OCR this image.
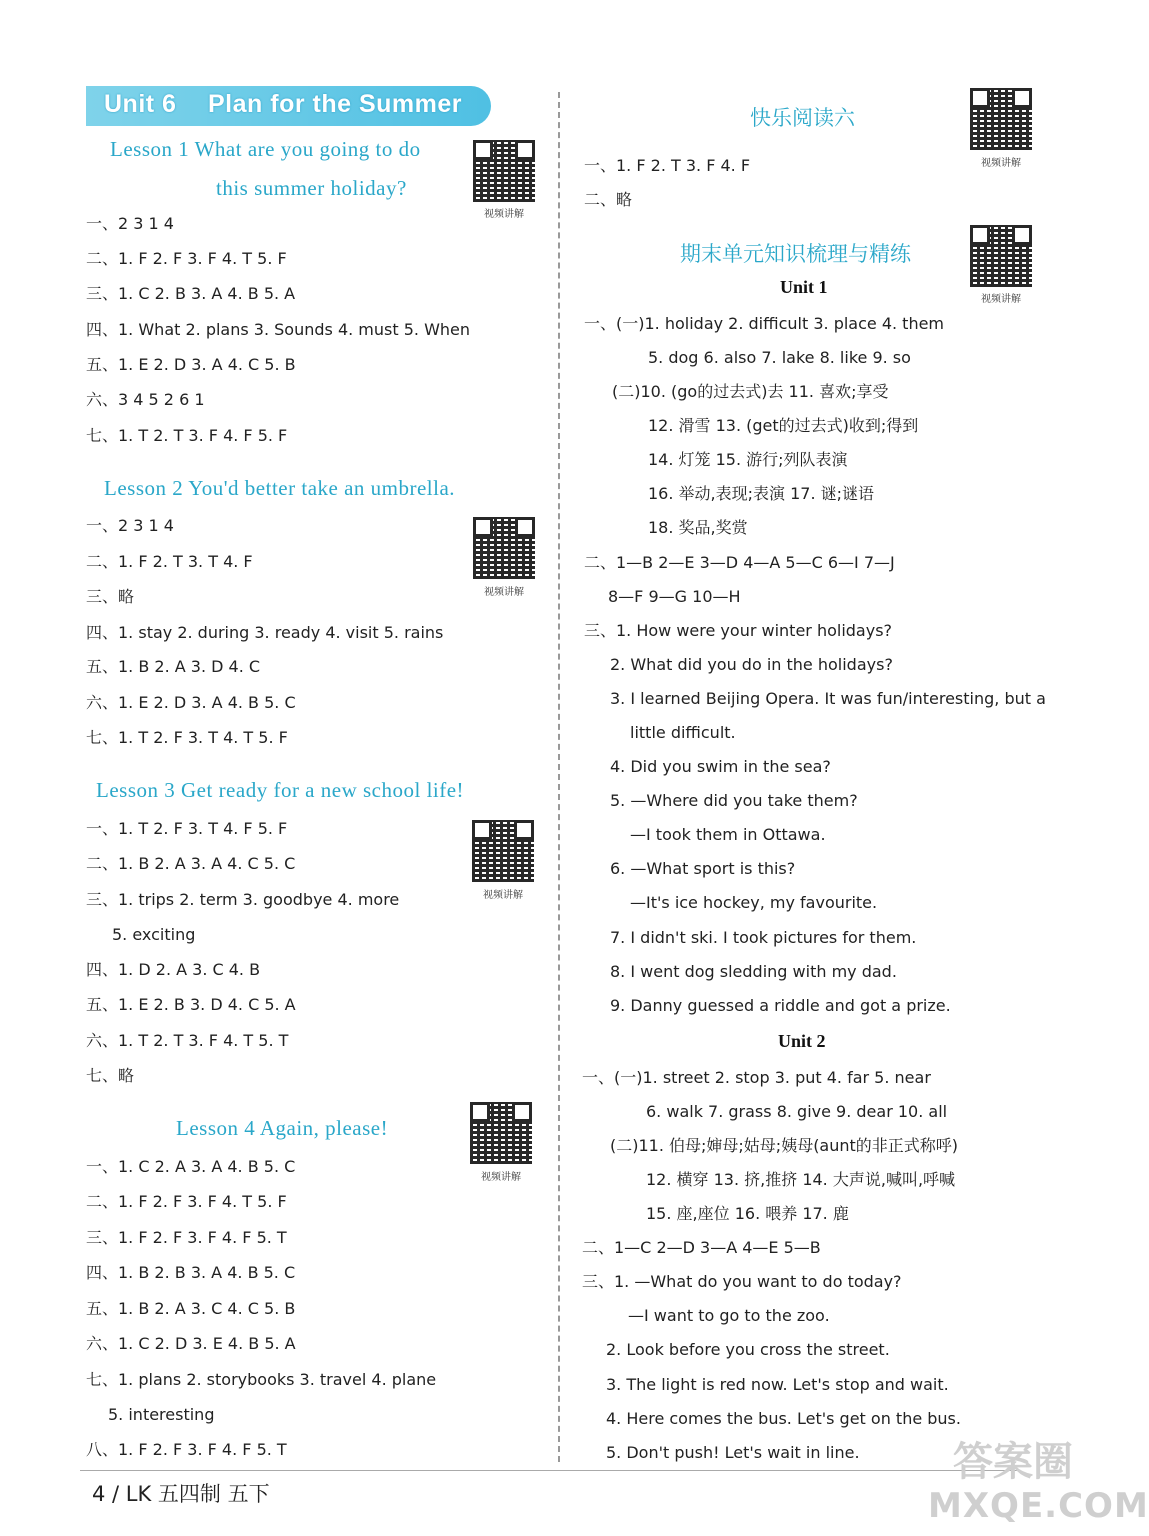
Unit 6 Plan for the Summer
Lesson 1 What are you going to do
this summer holiday?
视频讲解
一、2 3 1 4
二、1. F 2. F 3. F 4. T 5. F
三、1. C 2. B 3. A 4. B 5. A
四、1. What 2. plans 3. Sounds 4. must 5. When
五、1. E 2. D 3. A 4. C 5. B
六、3 4 5 2 6 1
七、1. T 2. T 3. F 4. F 5. F
Lesson 2 You'd better take an umbrella.
视频讲解
一、2 3 1 4
二、1. F 2. T 3. T 4. F
三、略
四、1. stay 2. during 3. ready 4. visit 5. rains
五、1. B 2. A 3. D 4. C
六、1. E 2. D 3. A 4. B 5. C
七、1. T 2. F 3. T 4. T 5. F
Lesson 3 Get ready for a new school life!
视频讲解
一、1. T 2. F 3. T 4. F 5. F
二、1. B 2. A 3. A 4. C 5. C
三、1. trips 2. term 3. goodbye 4. more
5. exciting
四、1. D 2. A 3. C 4. B
五、1. E 2. B 3. D 4. C 5. A
六、1. T 2. T 3. F 4. T 5. T
七、略
Lesson 4 Again, please!
视频讲解
一、1. C 2. A 3. A 4. B 5. C
二、1. F 2. F 3. F 4. T 5. F
三、1. F 2. F 3. F 4. F 5. T
四、1. B 2. B 3. A 4. B 5. C
五、1. B 2. A 3. C 4. C 5. B
六、1. C 2. D 3. E 4. B 5. A
七、1. plans 2. storybooks 3. travel 4. plane
5. interesting
八、1. F 2. F 3. F 4. F 5. T
快乐阅读六
视频讲解
一、1. F 2. T 3. F 4. F
二、略
期末单元知识梳理与精练
视频讲解
Unit 1
一、(一)1. holiday 2. difficult 3. place 4. them
5. dog 6. also 7. lake 8. like 9. so
(二)10. (go的过去式)去 11. 喜欢;享受
12. 滑雪 13. (get的过去式)收到;得到
14. 灯笼 15. 游行;列队表演
16. 举动,表现;表演 17. 谜;谜语
18. 奖品,奖赏
二、1—B 2—E 3—D 4—A 5—C 6—I 7—J
8—F 9—G 10—H
三、1. How were your winter holidays?
2. What did you do in the holidays?
3. I learned Beijing Opera. It was fun/interesting, but a
little difficult.
4. Did you swim in the sea?
5. —Where did you take them?
—I took them in Ottawa.
6. —What sport is this?
—It's ice hockey, my favourite.
7. I didn't ski. I took pictures for them.
8. I went dog sledding with my dad.
9. Danny guessed a riddle and got a prize.
Unit 2
一、(一)1. street 2. stop 3. put 4. far 5. near
6. walk 7. grass 8. give 9. dear 10. all
(二)11. 伯母;婶母;姑母;姨母(aunt的非正式称呼)
12. 横穿 13. 挤,推挤 14. 大声说,喊叫,呼喊
15. 座,座位 16. 喂养 17. 鹿
二、1—C 2—D 3—A 4—E 5—B
三、1. —What do you want to do today?
—I want to go to the zoo.
2. Look before you cross the street.
3. The light is red now. Let's stop and wait.
4. Here comes the bus. Let's get on the bus.
5. Don't push! Let's wait in line.
4 / LK 五四制 五下
答案圈
MXQE.COM
